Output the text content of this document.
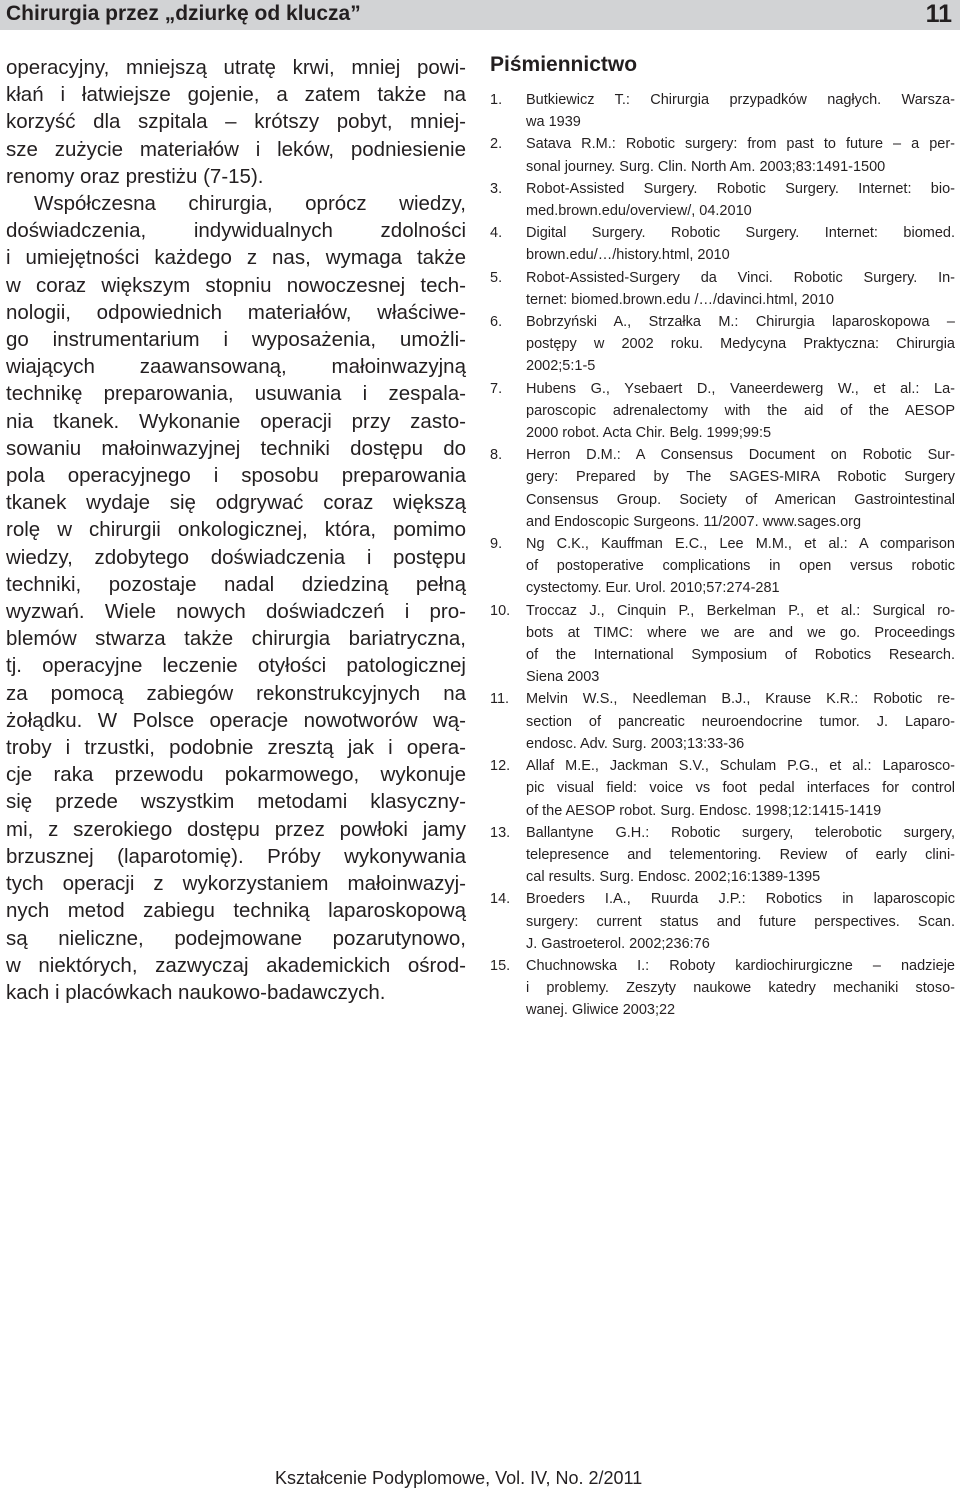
Chirurgia przez „dziurkę od klucza”	11
operacyjny, mniejszą utratę krwi, mniej powi-
kłań i łatwiejsze gojenie, a zatem także na
korzyść dla szpitala – krótszy pobyt, mniej-
sze zużycie materiałów i leków, podniesienie
renomy oraz prestiżu (7-15).
Współczesna chirurgia, oprócz wiedzy,
doświadczenia, indywidualnych zdolności
i umiejętności każdego z nas, wymaga także
w coraz większym stopniu nowoczesnej tech-
nologii, odpowiednich materiałów, właściwe-
go instrumentarium i wyposażenia, umożli-
wiających zaawansowaną, małoinwazyjną
technikę preparowania, usuwania i zespala-
nia tkanek. Wykonanie operacji przy zasto-
sowaniu małoinwazyjnej techniki dostępu do
pola operacyjnego i sposobu preparowania
tkanek wydaje się odgrywać coraz większą
rolę w chirurgii onkologicznej, która, pomimo
wiedzy, zdobytego doświadczenia i postępu
techniki, pozostaje nadal dziedziną pełną
wyzwań. Wiele nowych doświadczeń i pro-
blemów stwarza także chirurgia bariatryczna,
tj. operacyjne leczenie otyłości patologicznej
za pomocą zabiegów rekonstrukcyjnych na
żołądku. W Polsce operacje nowotworów wą-
troby i trzustki, podobnie zresztą jak i opera-
cje raka przewodu pokarmowego, wykonuje
się przede wszystkim metodami klasyczny-
mi, z szerokiego dostępu przez powłoki jamy
brzusznej (laparotomię). Próby wykonywania
tych operacji z wykorzystaniem małoinwazyj-
nych metod zabiegu techniką laparoskopową
są nieliczne, podejmowane pozarutynowo,
w niektórych, zazwyczaj akademickich ośrod-
kach i placówkach naukowo-badawczych.
Piśmiennictwo
1. Butkiewicz T.: Chirurgia przypadków nagłych. Warsza-
wa 1939
2. Satava R.M.: Robotic surgery: from past to future – a per-
sonal journey. Surg. Clin. North Am. 2003;83:1491-1500
3. Robot-Assisted Surgery. Robotic Surgery. Internet: bio-
med.brown.edu/overview/, 04.2010
4. Digital Surgery. Robotic Surgery. Internet: biomed.
brown.edu/…/history.html, 2010
5. Robot-Assisted-Surgery da Vinci. Robotic Surgery. In-
ternet: biomed.brown.edu /…/davinci.html, 2010
6. Bobrzyński A., Strzałka M.: Chirurgia laparoskopowa –
postępy w 2002 roku. Medycyna Praktyczna: Chirurgia
2002;5:1-5
7. Hubens G., Ysebaert D., Vaneerdewerg W., et al.: La-
paroscopic adrenalectomy with the aid of the AESOP
2000 robot. Acta Chir. Belg. 1999;99:5
8. Herron D.M.: A Consensus Document on Robotic Sur-
gery: Prepared by The SAGES-MIRA Robotic Surgery
Consensus Group. Society of American Gastrointestinal
and Endoscopic Surgeons. 11/2007. www.sages.org
9. Ng C.K., Kauffman E.C., Lee M.M., et al.: A comparison
of postoperative complications in open versus robotic
cystectomy. Eur. Urol. 2010;57:274-281
10. Troccaz J., Cinquin P., Berkelman P., et al.: Surgical ro-
bots at TIMC: where we are and we go. Proceedings
of the International Symposium of Robotics Research.
Siena 2003
11. Melvin W.S., Needleman B.J., Krause K.R.: Robotic re-
section of pancreatic neuroendocrine tumor. J. Laparo-
endosc. Adv. Surg. 2003;13:33-36
12. Allaf M.E., Jackman S.V., Schulam P.G., et al.: Laparosco-
pic visual field: voice vs foot pedal interfaces for control
of the AESOP robot. Surg. Endosc. 1998;12:1415-1419
13. Ballantyne G.H.: Robotic surgery, telerobotic surgery,
telepresence and telementoring. Review of early clini-
cal results. Surg. Endosc. 2002;16:1389-1395
14. Broeders I.A., Ruurda J.P.: Robotics in laparoscopic
surgery: current status and future perspectives. Scan.
J. Gastroeterol. 2002;236:76
15. Chuchnowska I.: Roboty kardiochirurgiczne – nadzieje
i problemy. Zeszyty naukowe katedry mechaniki stoso-
wanej. Gliwice 2003;22
Kształcenie Podyplomowe, Vol. IV, No. 2/2011
